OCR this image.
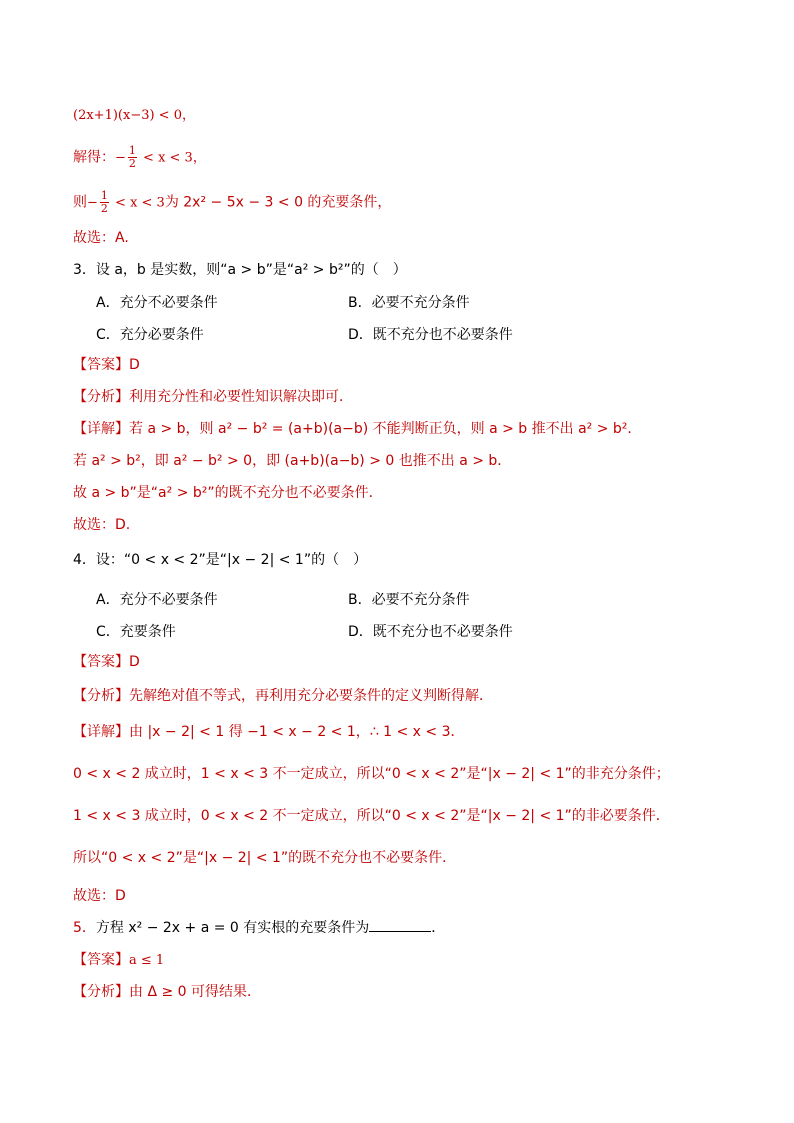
(2x+1)(x−3) < 0，
解得：− $\frac{1}{2} < x < 3$，
则− $\frac{1}{2} < x < 3$为 2x² − 5x − 3 < 0 的充要条件，
故选：A.
3．设 a，b 是实数，则“a > b”是“a² > b²”的（　）
A．充分不必要条件	B．必要不充分条件
C．充分必要条件	D．既不充分也不必要条件
【答案】D
【分析】利用充分性和必要性知识解决即可．
【详解】若 a > b，则 a² − b² = (a+b)(a−b) 不能判断正负，则 a > b 推不出 a² > b²．
若 a² > b²，即 a² − b² > 0，即 (a+b)(a−b) > 0 也推不出 a > b．
故 a > b”是“a² > b²”的既不充分也不必要条件．
故选：D.
4．设：“0 < x < 2”是“|x − 2| < 1”的（　）
A．充分不必要条件	B．必要不充分条件
C．充要条件	D．既不充分也不必要条件
【答案】D
【分析】先解绝对值不等式，再利用充分必要条件的定义判断得解．
【详解】由 |x − 2| < 1 得 −1 < x − 2 < 1，∴ 1 < x < 3．
0 < x < 2 成立时，1 < x < 3 不一定成立，所以“0 < x < 2”是“|x − 2| < 1”的非充分条件；
1 < x < 3 成立时，0 < x < 2 不一定成立，所以“0 < x < 2”是“|x − 2| < 1”的非必要条件．
所以“0 < x < 2”是“|x − 2| < 1”的既不充分也不必要条件．
故选：D
5．方程 x² − 2x + a = 0 有实根的充要条件为	．
【答案】a ≤ 1
【分析】由 Δ ≥ 0 可得结果．
